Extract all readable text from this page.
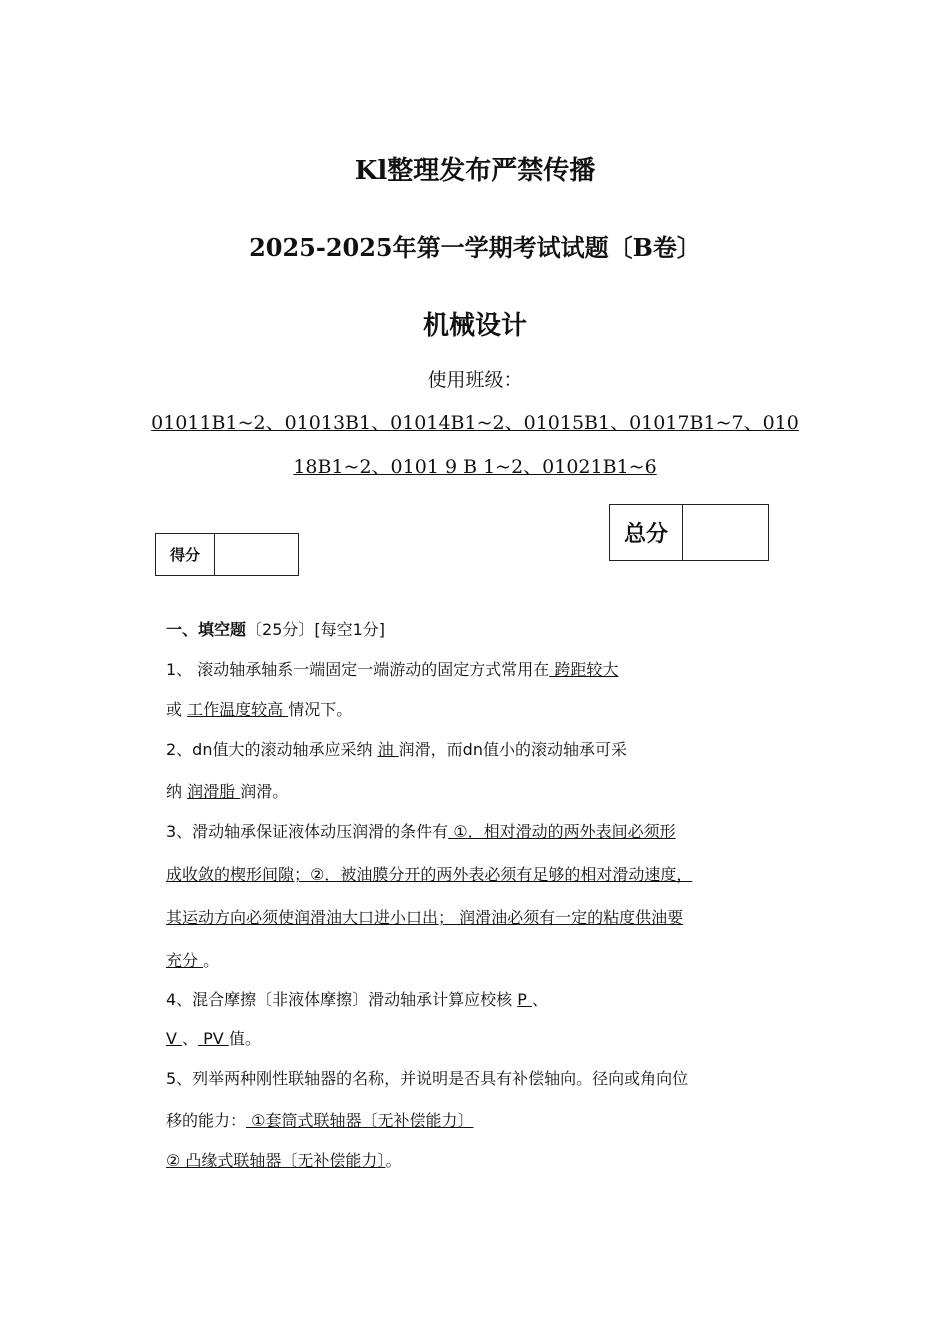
Kl整理发布严禁传播
2025-2025年第一学期考试试题〔B卷〕
机械设计
使用班级：
01011B1~2、01013B1、01014B1~2、01015B1、01017B1~7、010
18B1~2、0101 9 B 1~2、01021B1~6
得分
总分
一、填空题〔25分〕[每空1分]
1、 滚动轴承轴系一端固定一端游动的固定方式常用在 跨距较大
或 工作温度较高 情况下。
2、dn值大的滚动轴承应采纳 油 润滑，而dn值小的滚动轴承可采
纳 润滑脂 润滑。
3、滑动轴承保证液体动压润滑的条件有 ①．相对滑动的两外表间必须形
成收敛的楔形间隙；②．被油膜分开的两外表必须有足够的相对滑动速度，
其运动方向必须使润滑油大口进小口出； 润滑油必须有一定的粘度供油要
充分 。
4、混合摩擦〔非液体摩擦〕滑动轴承计算应校核 P 、
V 、 PV 值。
5、列举两种刚性联轴器的名称，并说明是否具有补偿轴向。径向或角向位
移的能力： ①套筒式联轴器〔无补偿能力〕
② 凸缘式联轴器〔无补偿能力〕。
